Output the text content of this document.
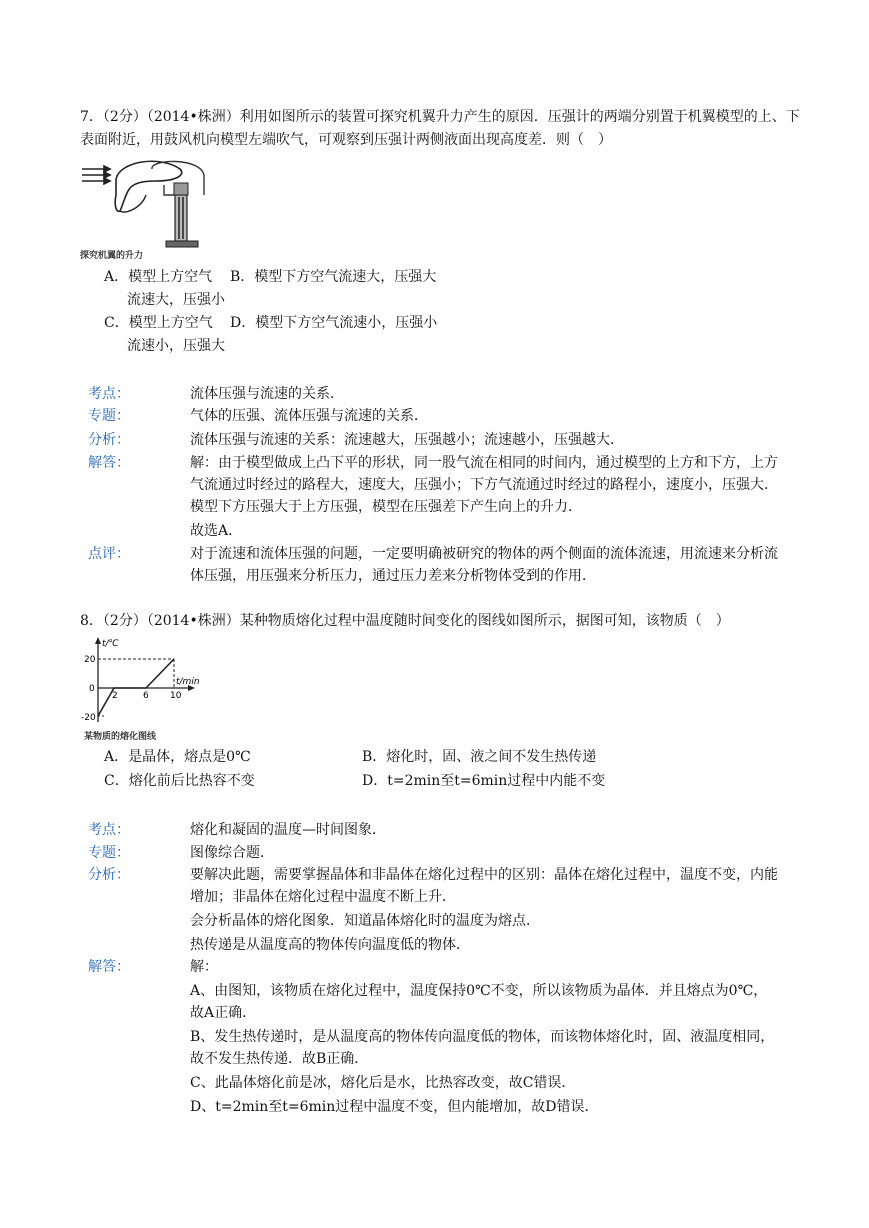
7．（2分）（2014•株洲）利用如图所示的装置可探究机翼升力产生的原因．压强计的两端分别置于机翼模型的上、下表面附近，用鼓风机向模型左端吹气，可观察到压强计两侧液面出现高度差．则（　）
探究机翼的升力
A．模型上方空气 B．模型下方空气流速大，压强大
流速大，压强小
C．模型上方空气 D．模型下方空气流速小，压强小
流速小，压强大
考点：	流体压强与流速的关系．
专题：	气体的压强、流体压强与流速的关系．
分析：	流体压强与流速的关系：流速越大，压强越小；流速越小，压强越大．
解答：	解：由于模型做成上凸下平的形状，同一股气流在相同的时间内，通过模型的上方和下方，上方气流通过时经过的路程大，速度大，压强小；下方气流通过时经过的路程小，速度小，压强大．模型下方压强大于上方压强，模型在压强差下产生向上的升力．
故选A．
点评：	对于流速和流体压强的问题，一定要明确被研究的物体的两个侧面的流体流速，用流速来分析流体压强，用压强来分析压力，通过压力差来分析物体受到的作用．
8．（2分）（2014•株洲）某种物质熔化过程中温度随时间变化的图线如图所示，据图可知，该物质（　）
t/℃
t/min
20
0
-20
2	6 10
某物质的熔化图线
A．是晶体，熔点是0℃	B．熔化时，固、液之间不发生热传递
C．熔化前后比热容不变	D．t=2min至t=6min过程中内能不变
考点：	熔化和凝固的温度—时间图象．
专题：	图像综合题．
分析：	要解决此题，需要掌握晶体和非晶体在熔化过程中的区别：晶体在熔化过程中，温度不变，内能增加；非晶体在熔化过程中温度不断上升．
会分析晶体的熔化图象．知道晶体熔化时的温度为熔点．
热传递是从温度高的物体传向温度低的物体．
解答：	解：
A、由图知，该物质在熔化过程中，温度保持0℃不变，所以该物质为晶体．并且熔点为0℃，故A正确．
B、发生热传递时，是从温度高的物体传向温度低的物体，而该物体熔化时，固、液温度相同，故不发生热传递．故B正确．
C、此晶体熔化前是冰，熔化后是水，比热容改变，故C错误．
D、t=2min至t=6min过程中温度不变，但内能增加，故D错误．
